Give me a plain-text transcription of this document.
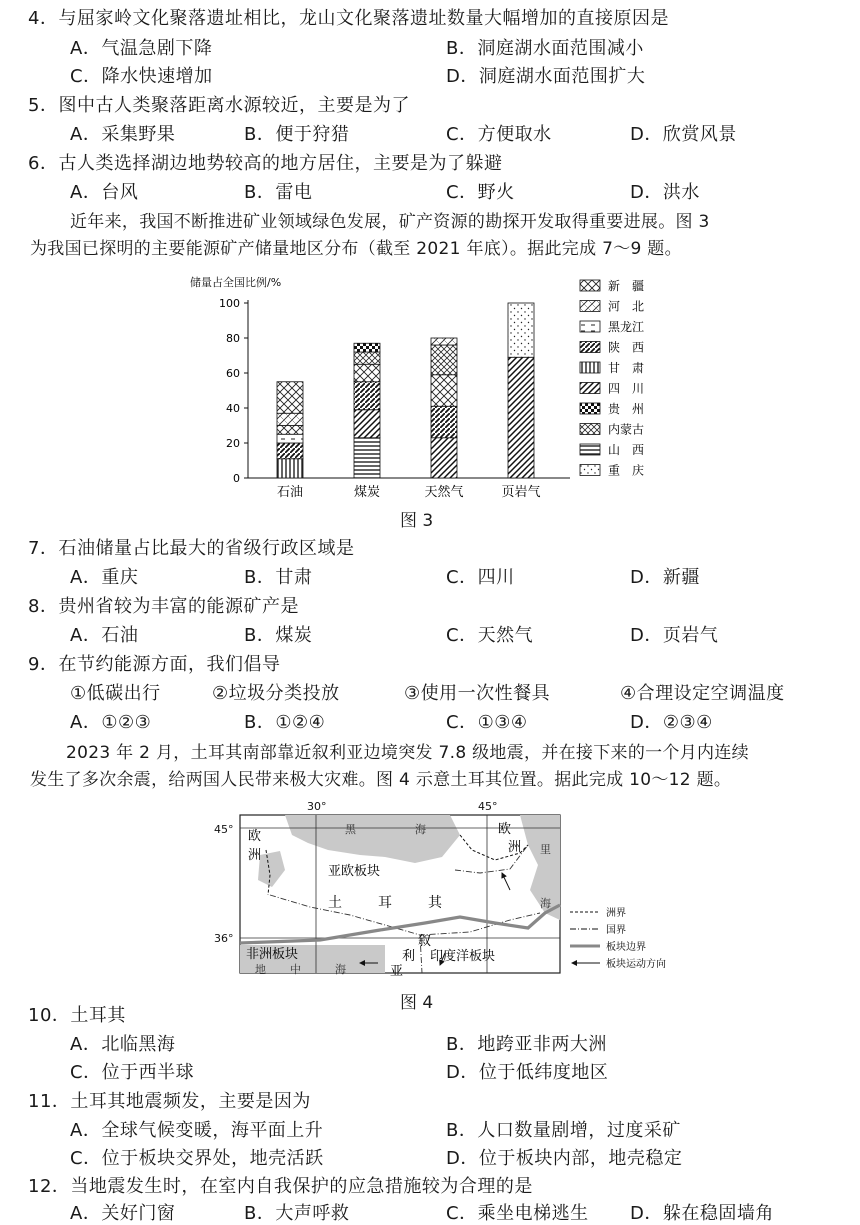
4．与屈家岭文化聚落遗址相比，龙山文化聚落遗址数量大幅增加的直接原因是
A．气温急剧下降	B．洞庭湖水面范围减小
C．降水快速增加	D．洞庭湖水面范围扩大
5．图中古人类聚落距离水源较近，主要是为了
A．采集野果	B．便于狩猎	C．方便取水	D．欣赏风景
6．古人类选择湖边地势较高的地方居住，主要是为了躲避
A．台风	B．雷电	C．野火	D．洪水
近年来，我国不断推进矿业领域绿色发展，矿产资源的勘探开发取得重要进展。图 3
为我国已探明的主要能源矿产储量地区分布（截至 2021 年底）。据此完成 7～9 题。
储量占全国比例/%
0
20
40
60
80
100
石油	煤炭	天然气	页岩气
新　疆
河　北
黑龙江
陕　西
甘　肃
四　川
贵　州
内蒙古
山　西
重　庆
图 3
7．石油储量占比最大的省级行政区域是
A．重庆	B．甘肃	C．四川	D．新疆
8．贵州省较为丰富的能源矿产是
A．石油	B．煤炭	C．天然气	D．页岩气
9．在节约能源方面，我们倡导
①低碳出行	②垃圾分类投放	③使用一次性餐具	④合理设定空调温度
A．①②③	B．①②④	C．①③④	D．②③④
2023 年 2 月，土耳其南部靠近叙利亚边境突发 7.8 级地震，并在接下来的一个月内连续
发生了多次余震，给两国人民带来极大灾难。图 4 示意土耳其位置。据此完成 10～12 题。
30°	45°
45°
36°
欧
洲
欧
洲
黑	海
里
海
亚欧板块
土	耳	其
非洲板块
地 中	海
叙
利
亚
印度洋板块
洲界
国界
板块边界
板块运动方向
图 4
10．土耳其
A．北临黑海	B．地跨亚非两大洲
C．位于西半球	D．位于低纬度地区
11．土耳其地震频发，主要是因为
A．全球气候变暖，海平面上升	B．人口数量剧增，过度采矿
C．位于板块交界处，地壳活跃	D．位于板块内部，地壳稳定
12．当地震发生时，在室内自我保护的应急措施较为合理的是
A．关好门窗	B．大声呼救	C．乘坐电梯逃生 D．躲在稳固墙角
